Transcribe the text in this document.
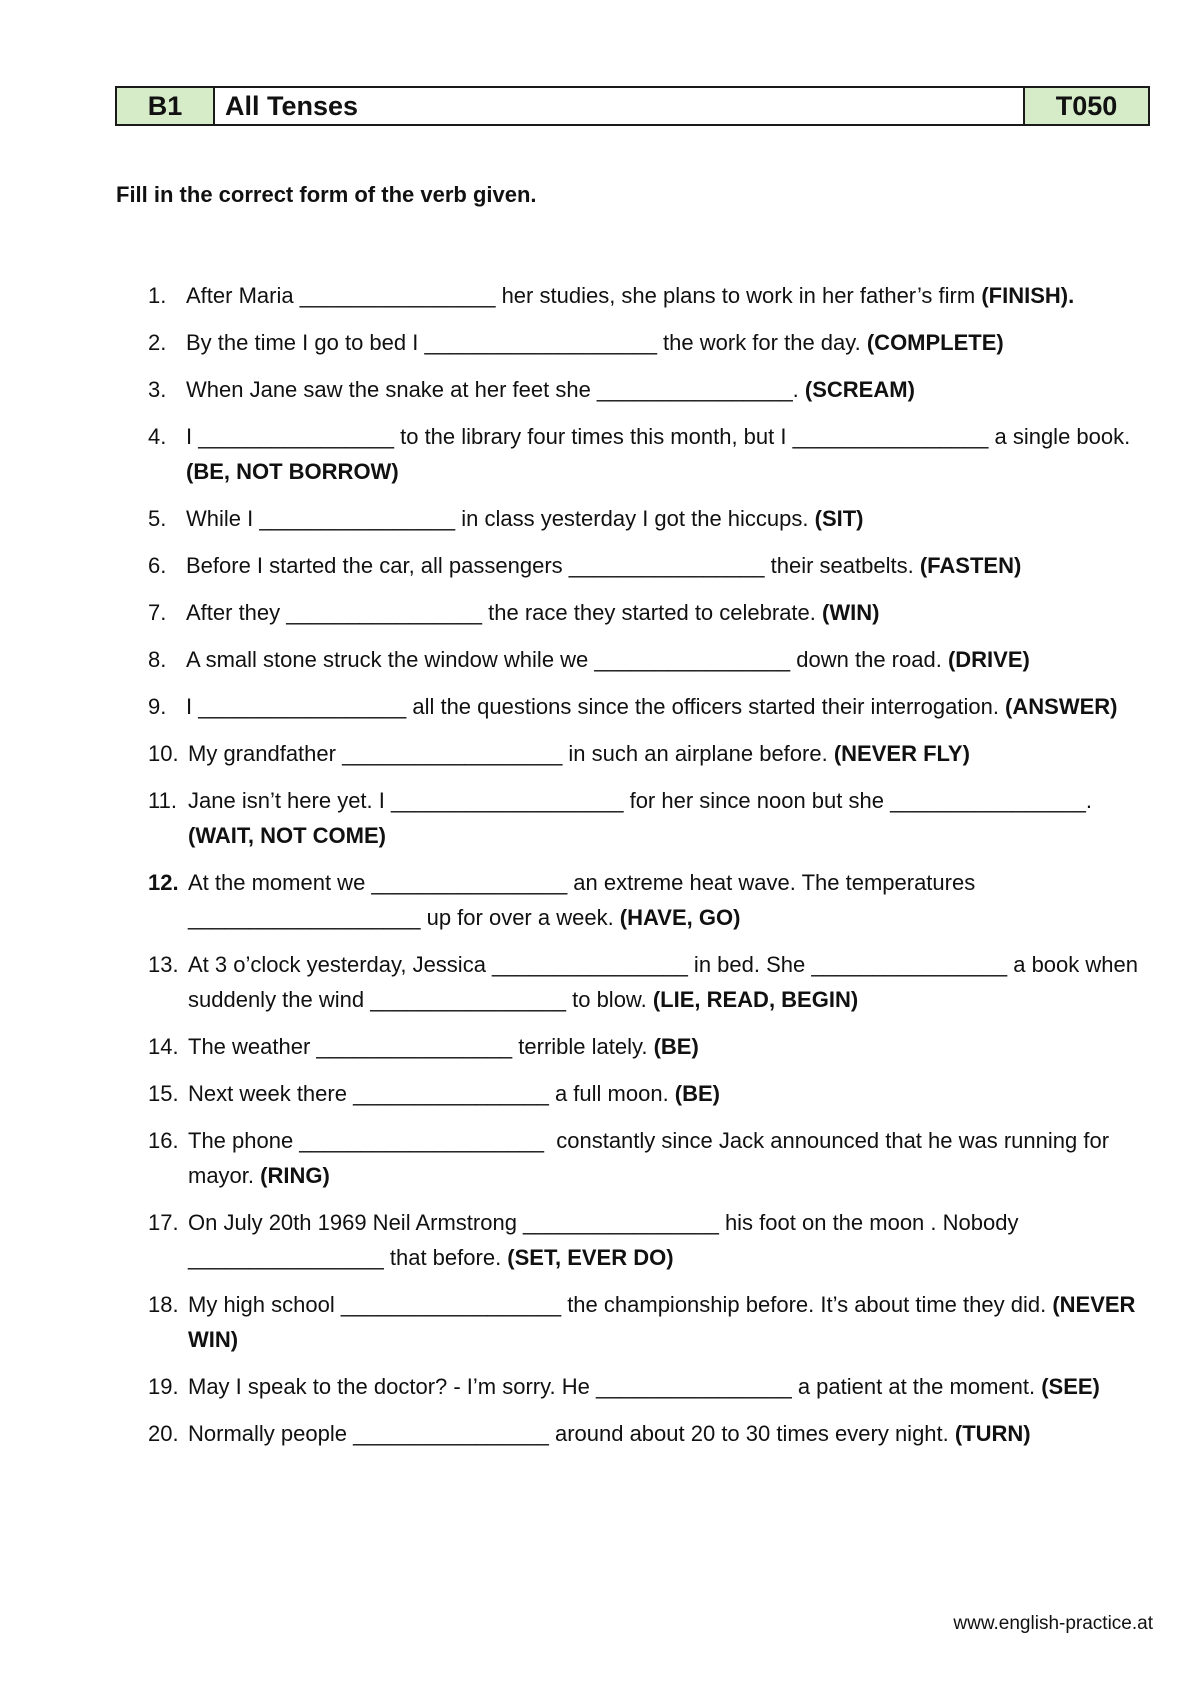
B1	All Tenses	T050
Fill in the correct form of the verb given.
1. After Maria ________________ her studies, she plans to work in her father’s firm (FINISH).
2. By the time I go to bed I ___________________ the work for the day. (COMPLETE)
3. When Jane saw the snake at her feet she ________________. (SCREAM)
4. I ________________ to the library four times this month, but I ________________ a single book. (BE, NOT BORROW)
5. While I ________________ in class yesterday I got the hiccups. (SIT)
6. Before I started the car, all passengers ________________ their seatbelts. (FASTEN)
7. After they ________________ the race they started to celebrate. (WIN)
8. A small stone struck the window while we ________________ down the road. (DRIVE)
9. I _________________ all the questions since the officers started their interrogation. (ANSWER)
10. My grandfather __________________ in such an airplane before. (NEVER FLY)
11. Jane isn’t here yet. I ___________________ for her since noon but she ________________. (WAIT, NOT COME)
12. At the moment we ________________ an extreme heat wave. The temperatures ___________________ up for over a week. (HAVE, GO)
13. At 3 o’clock yesterday, Jessica ________________ in bed. She ________________ a book when suddenly the wind ________________ to blow. (LIE, READ, BEGIN)
14. The weather ________________ terrible lately. (BE)
15. Next week there ________________ a full moon. (BE)
16. The phone ____________________  constantly since Jack announced that he was running for mayor. (RING)
17. On July 20th 1969 Neil Armstrong ________________ his foot on the moon . Nobody ________________ that before. (SET, EVER DO)
18. My high school __________________ the championship before. It’s about time they did. (NEVER WIN)
19. May I speak to the doctor? - I’m sorry. He ________________ a patient at the moment. (SEE)
20. Normally people ________________ around about 20 to 30 times every night. (TURN)
www.english-practice.at
